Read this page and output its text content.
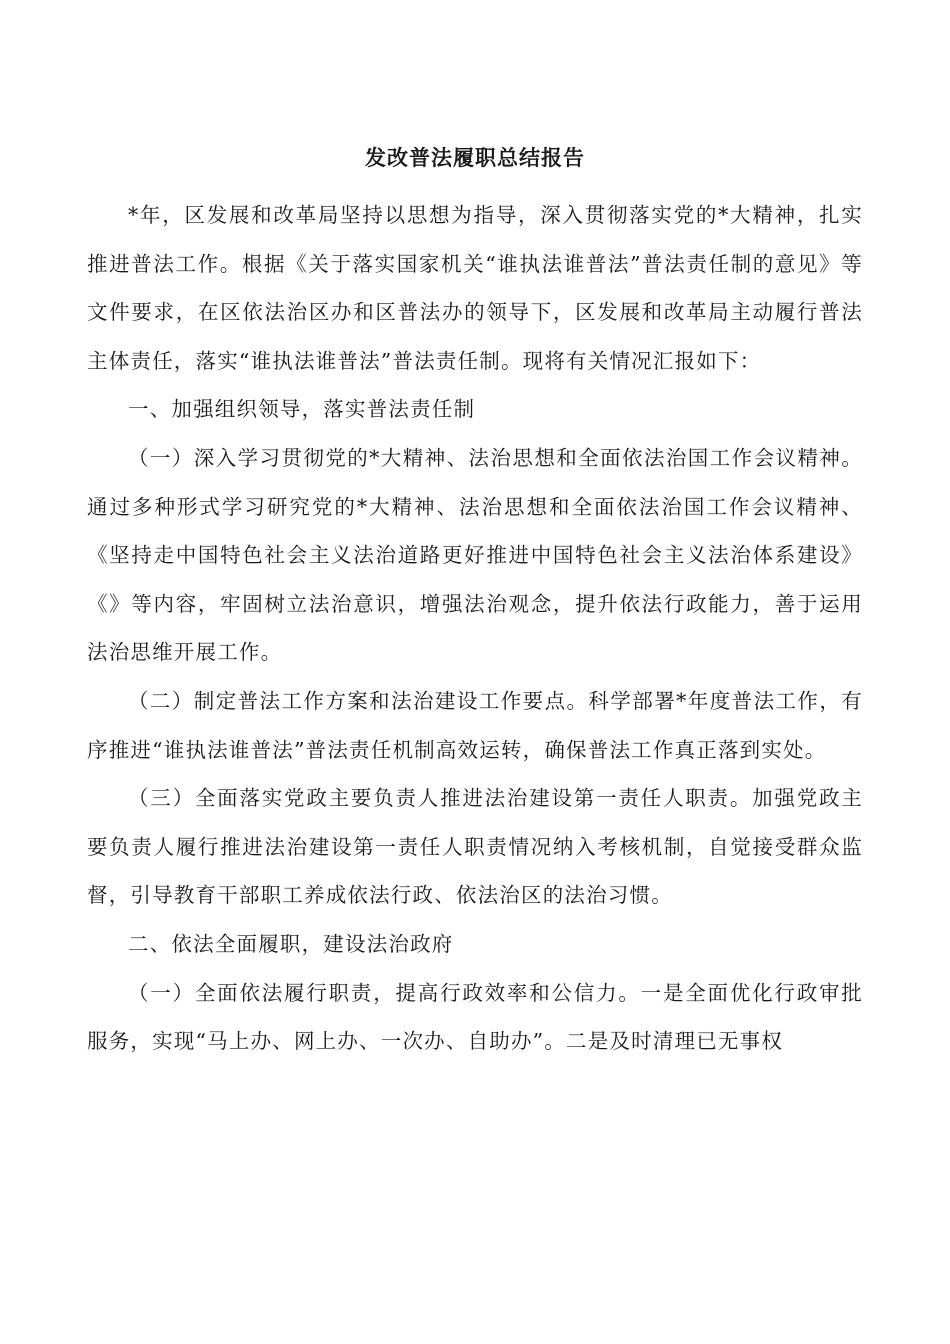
发改普法履职总结报告

*年，区发展和改革局坚持以思想为指导，深入贯彻落实党的*大精神，扎实推进普法工作。根据《关于落实国家机关“谁执法谁普法”普法责任制的意见》等文件要求，在区依法治区办和区普法办的领导下，区发展和改革局主动履行普法主体责任，落实“谁执法谁普法”普法责任制。现将有关情况汇报如下：

一、加强组织领导，落实普法责任制

（一）深入学习贯彻党的*大精神、法治思想和全面依法治国工作会议精神。通过多种形式学习研究党的*大精神、法治思想和全面依法治国工作会议精神、《坚持走中国特色社会主义法治道路更好推进中国特色社会主义法治体系建设》《》等内容，牢固树立法治意识，增强法治观念，提升依法行政能力，善于运用法治思维开展工作。

（二）制定普法工作方案和法治建设工作要点。科学部署*年度普法工作，有序推进“谁执法谁普法”普法责任机制高效运转，确保普法工作真正落到实处。

（三）全面落实党政主要负责人推进法治建设第一责任人职责。加强党政主要负责人履行推进法治建设第一责任人职责情况纳入考核机制，自觉接受群众监督，引导教育干部职工养成依法行政、依法治区的法治习惯。

二、依法全面履职，建设法治政府

（一）全面依法履行职责，提高行政效率和公信力。一是全面优化行政审批服务，实现“马上办、网上办、一次办、自助办”。二是及时清理已无事权
